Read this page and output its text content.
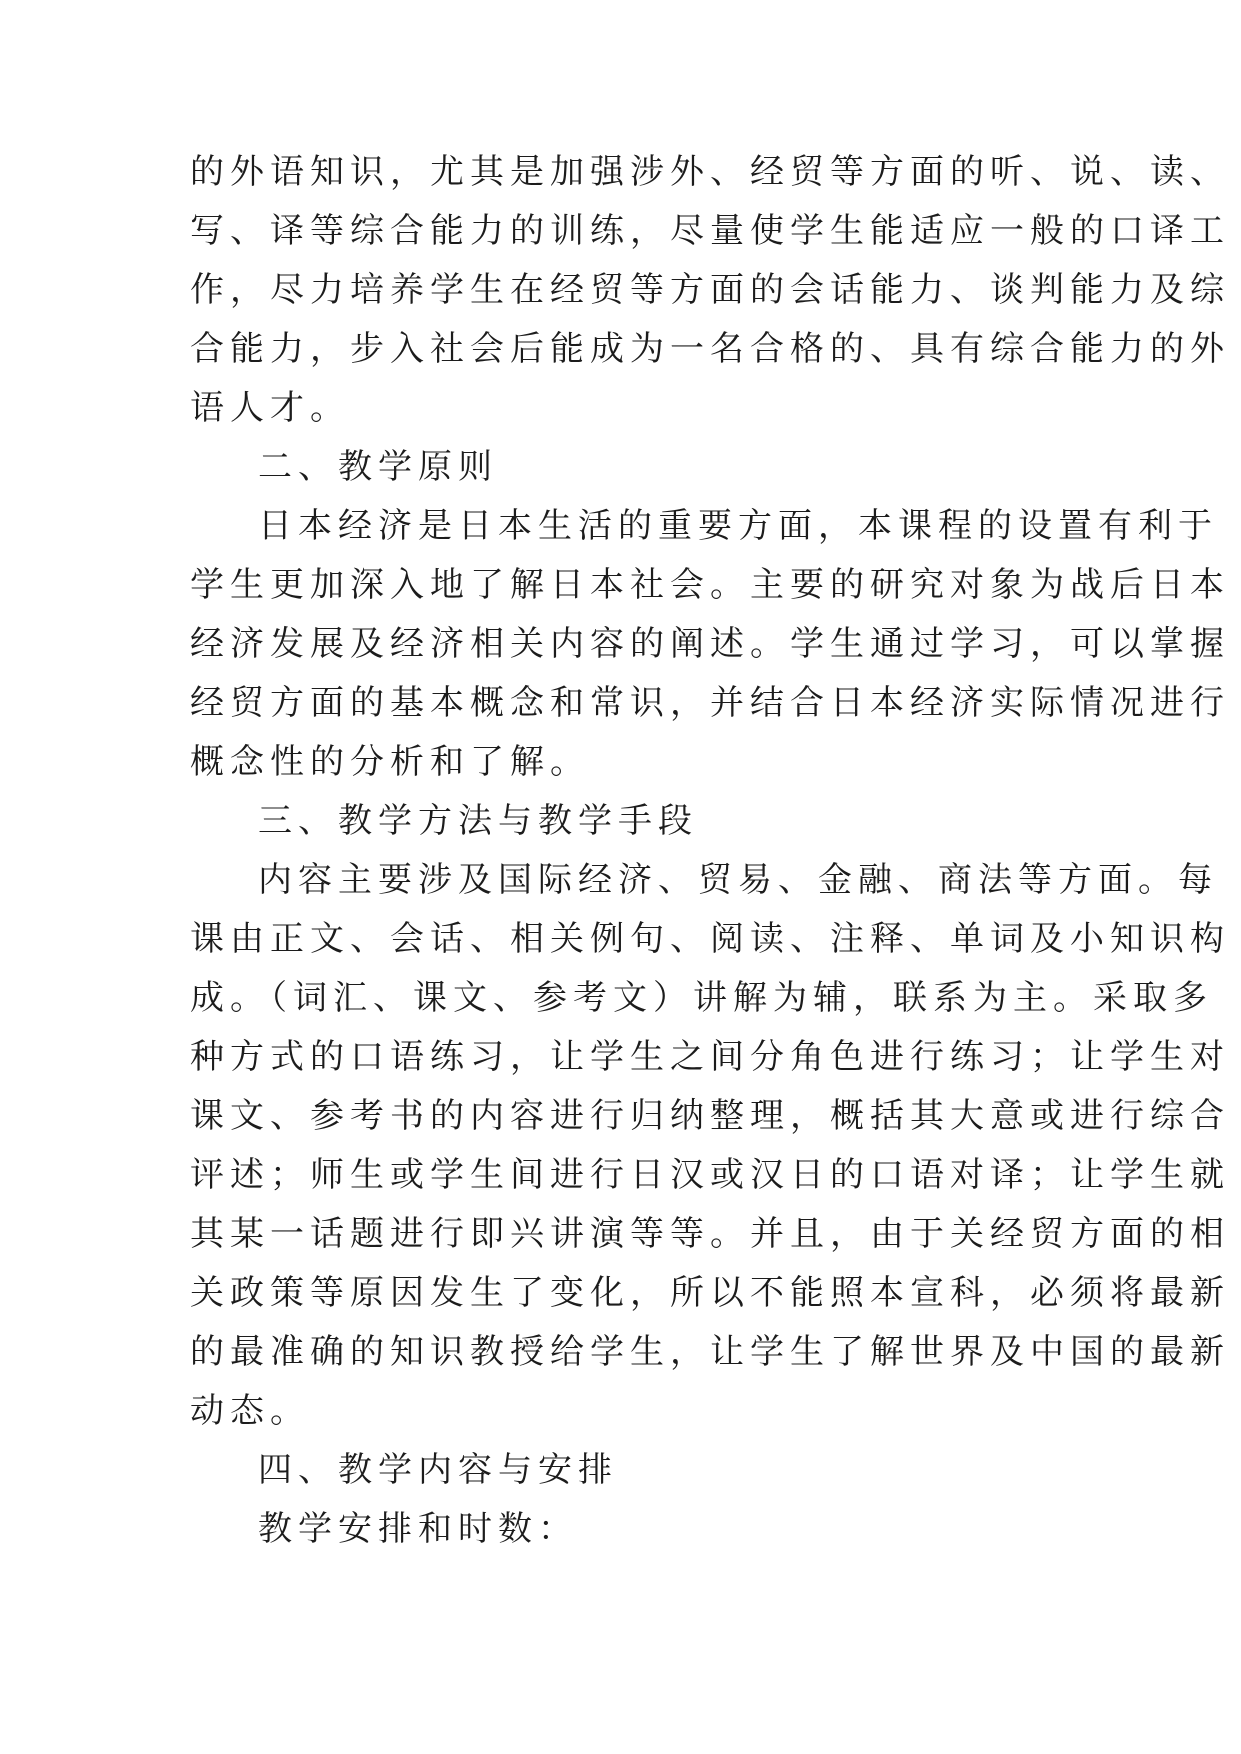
的外语知识，尤其是加强涉外、经贸等方面的听、说、读、
写、译等综合能力的训练，尽量使学生能适应一般的口译工
作，尽力培养学生在经贸等方面的会话能力、谈判能力及综
合能力，步入社会后能成为一名合格的、具有综合能力的外
语人才。
二、教学原则
日本经济是日本生活的重要方面，本课程的设置有利于
学生更加深入地了解日本社会。主要的研究对象为战后日本
经济发展及经济相关内容的阐述。学生通过学习，可以掌握
经贸方面的基本概念和常识，并结合日本经济实际情况进行
概念性的分析和了解。
三、教学方法与教学手段
内容主要涉及国际经济、贸易、金融、商法等方面。每
课由正文、会话、相关例句、阅读、注释、单词及小知识构
成。（词汇、课文、参考文）讲解为辅，联系为主。采取多
种方式的口语练习，让学生之间分角色进行练习；让学生对
课文、参考书的内容进行归纳整理，概括其大意或进行综合
评述；师生或学生间进行日汉或汉日的口语对译；让学生就
其某一话题进行即兴讲演等等。并且，由于关经贸方面的相
关政策等原因发生了变化，所以不能照本宣科，必须将最新
的最准确的知识教授给学生，让学生了解世界及中国的最新
动态。
四、教学内容与安排
教学安排和时数：
